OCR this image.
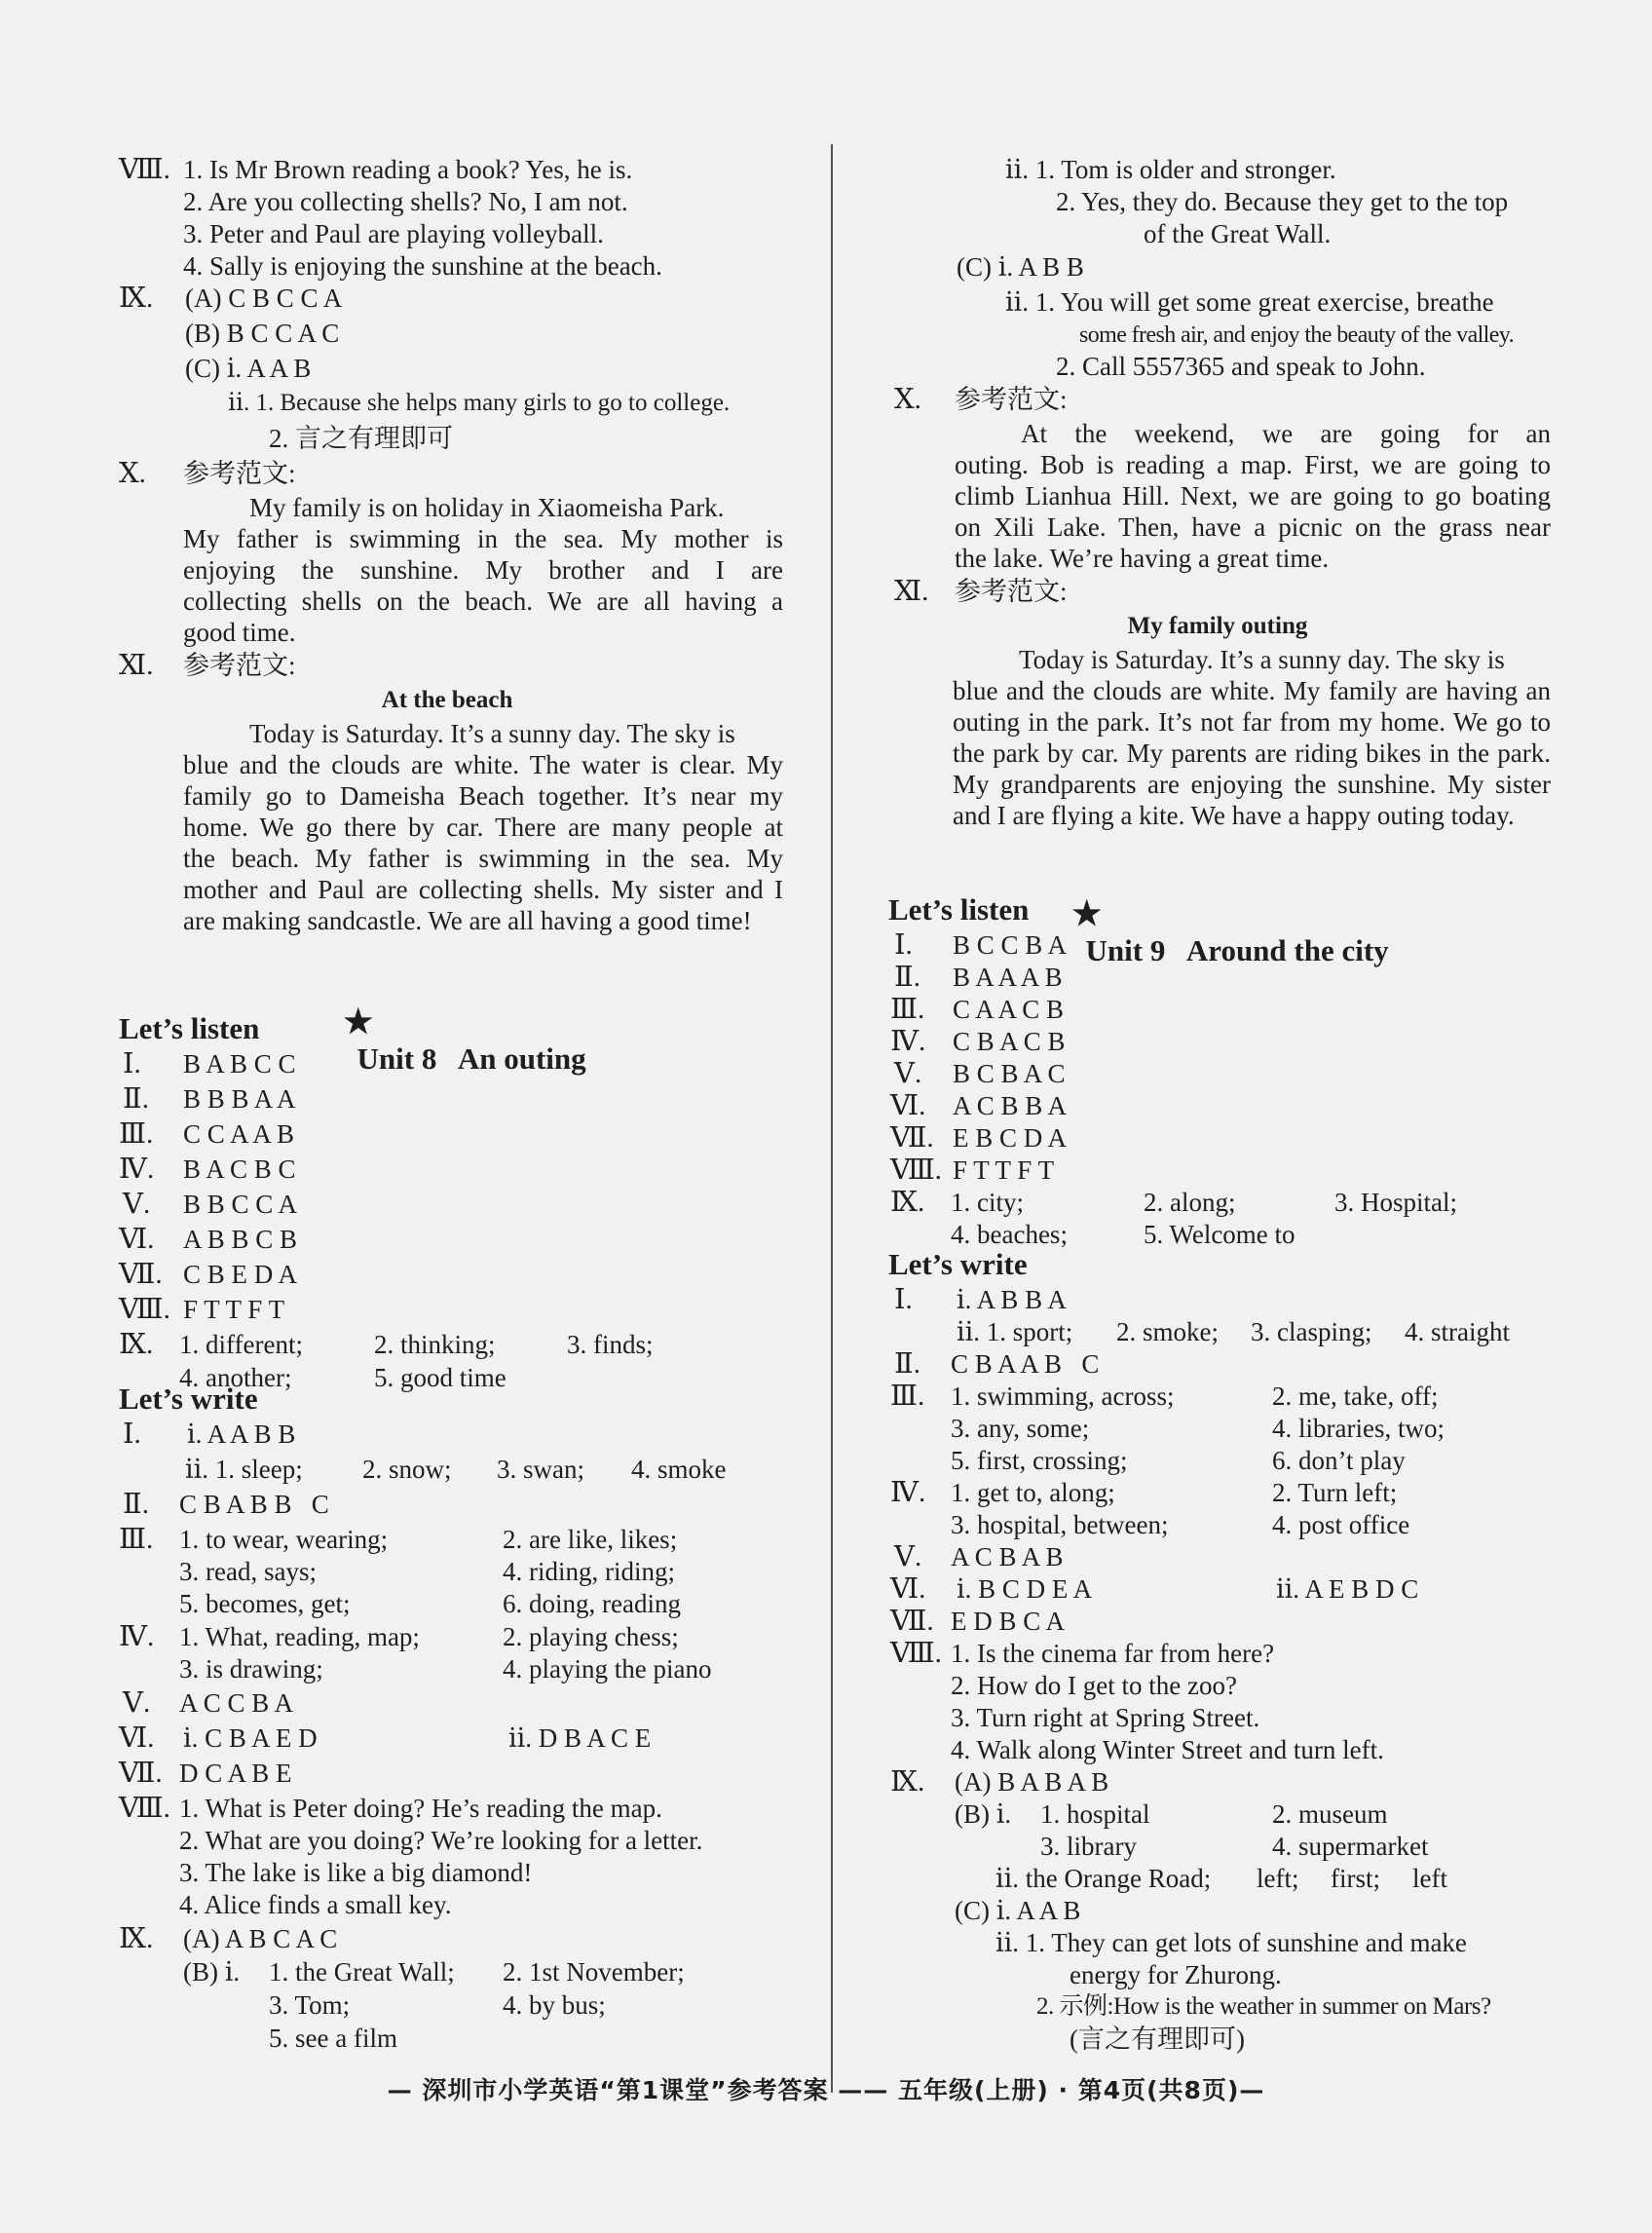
Ⅷ. 1. Is Mr Brown reading a book? Yes, he is.
2. Are you collecting shells? No, I am not.
3. Peter and Paul are playing volleyball.
4. Sally is enjoying the sunshine at the beach.
Ⅸ. (A) C B C C A
(B) B C C A C
(C) ⅰ. A A B
ⅱ. 1. Because she helps many girls to go to college.
2. 言之有理即可
Ⅹ. 参考范文:
My family is on holiday in Xiaomeisha Park.
My father is swimming in the sea. My mother is
enjoying the sunshine. My brother and I are
collecting shells on the beach. We are all having a
good time.
Ⅺ. 参考范文:
At the beach
Today is Saturday. It’s a sunny day. The sky is
blue and the clouds are white. The water is clear. My
family go to Dameisha Beach together. It’s near my
home. We go there by car. There are many people at
the beach. My father is swimming in the sea. My
mother and Paul are collecting shells. My sister and I
are making sandcastle. We are all having a good time!

★
Unit 8   An outing

Let’s listen
Ⅰ. B A B C C
Ⅱ. B B B A A
Ⅲ. C C A A B
Ⅳ. B A C B C
Ⅴ. B B C C A
Ⅵ. A B B C B
Ⅶ. C B E D A
Ⅷ. F T T F T
Ⅸ. 1. different;	2. thinking;	3. finds;
4. another;	5. good time
Let’s write
Ⅰ. ⅰ. A A B B
ⅱ. 1. sleep; 2. snow; 3. swan; 4. smoke
Ⅱ. C B A B B   C
Ⅲ. 1. to wear, wearing;	2. are like, likes;
3. read, says;	4. riding, riding;
5. becomes, get;	6. doing, reading
Ⅳ. 1. What, reading, map;	2. playing chess;
3. is drawing;	4. playing the piano
Ⅴ. A C C B A
Ⅵ. ⅰ. C B A E D	ⅱ. D B A C E
Ⅶ. D C A B E
Ⅷ. 1. What is Peter doing? He’s reading the map.
2. What are you doing? We’re looking for a letter.
3. The lake is like a big diamond!
4. Alice finds a small key.
Ⅸ. (A) A B C A C
(B) ⅰ. 1. the Great Wall; 2. 1st November;
3. Tom;	4. by bus;
5. see a film
ⅱ. 1. Tom is older and stronger.
2. Yes, they do. Because they get to the top
of the Great Wall.
(C) ⅰ. A B B
ⅱ. 1. You will get some great exercise, breathe
some fresh air, and enjoy the beauty of the valley.
2. Call 5557365 and speak to John.
Ⅹ. 参考范文:
At the weekend, we are going for an
outing. Bob is reading a map. First, we are going to
climb Lianhua Hill. Next, we are going to go boating
on Xili Lake. Then, have a picnic on the grass near
the lake. We’re having a great time.
Ⅺ. 参考范文:
My family outing
Today is Saturday. It’s a sunny day. The sky is
blue and the clouds are white. My family are having an
outing in the park. It’s not far from my home. We go to
the park by car. My parents are riding bikes in the park.
My grandparents are enjoying the sunshine. My sister
and I are flying a kite. We have a happy outing today.

★
Unit 9   Around the city

Let’s listen
Ⅰ. B C C B A
Ⅱ. B A A A B
Ⅲ. C A A C B
Ⅳ. C B A C B
Ⅴ. B C B A C
Ⅵ. A C B B A
Ⅶ. E B C D A
Ⅷ. F T T F T
Ⅸ. 1. city;	2. along;	3. Hospital;
4. beaches;	5. Welcome to
Let’s write
Ⅰ. ⅰ. A B B A
ⅱ. 1. sport; 2. smoke; 3. clasping; 4. straight
Ⅱ. C B A A B   C
Ⅲ. 1. swimming, across;	2. me, take, off;
3. any, some;	4. libraries, two;
5. first, crossing;	6. don’t play
Ⅳ. 1. get to, along;	2. Turn left;
3. hospital, between;	4. post office
Ⅴ. A C B A B
Ⅵ. ⅰ. B C D E A	ⅱ. A E B D C
Ⅶ. E D B C A
Ⅷ. 1. Is the cinema far from here?
2. How do I get to the zoo?
3. Turn right at Spring Street.
4. Walk along Winter Street and turn left.
Ⅸ. (A) B A B A B
(B) ⅰ. 1. hospital	2. museum
3. library	4. supermarket
ⅱ. the Orange Road; left; first; left
(C) ⅰ. A A B
ⅱ. 1. They can get lots of sunshine and make
energy for Zhurong.
2. 示例:How is the weather in summer on Mars?
(言之有理即可)
— 深圳市小学英语“第1课堂”参考答案 —— 五年级(上册) · 第4页(共8页)—
